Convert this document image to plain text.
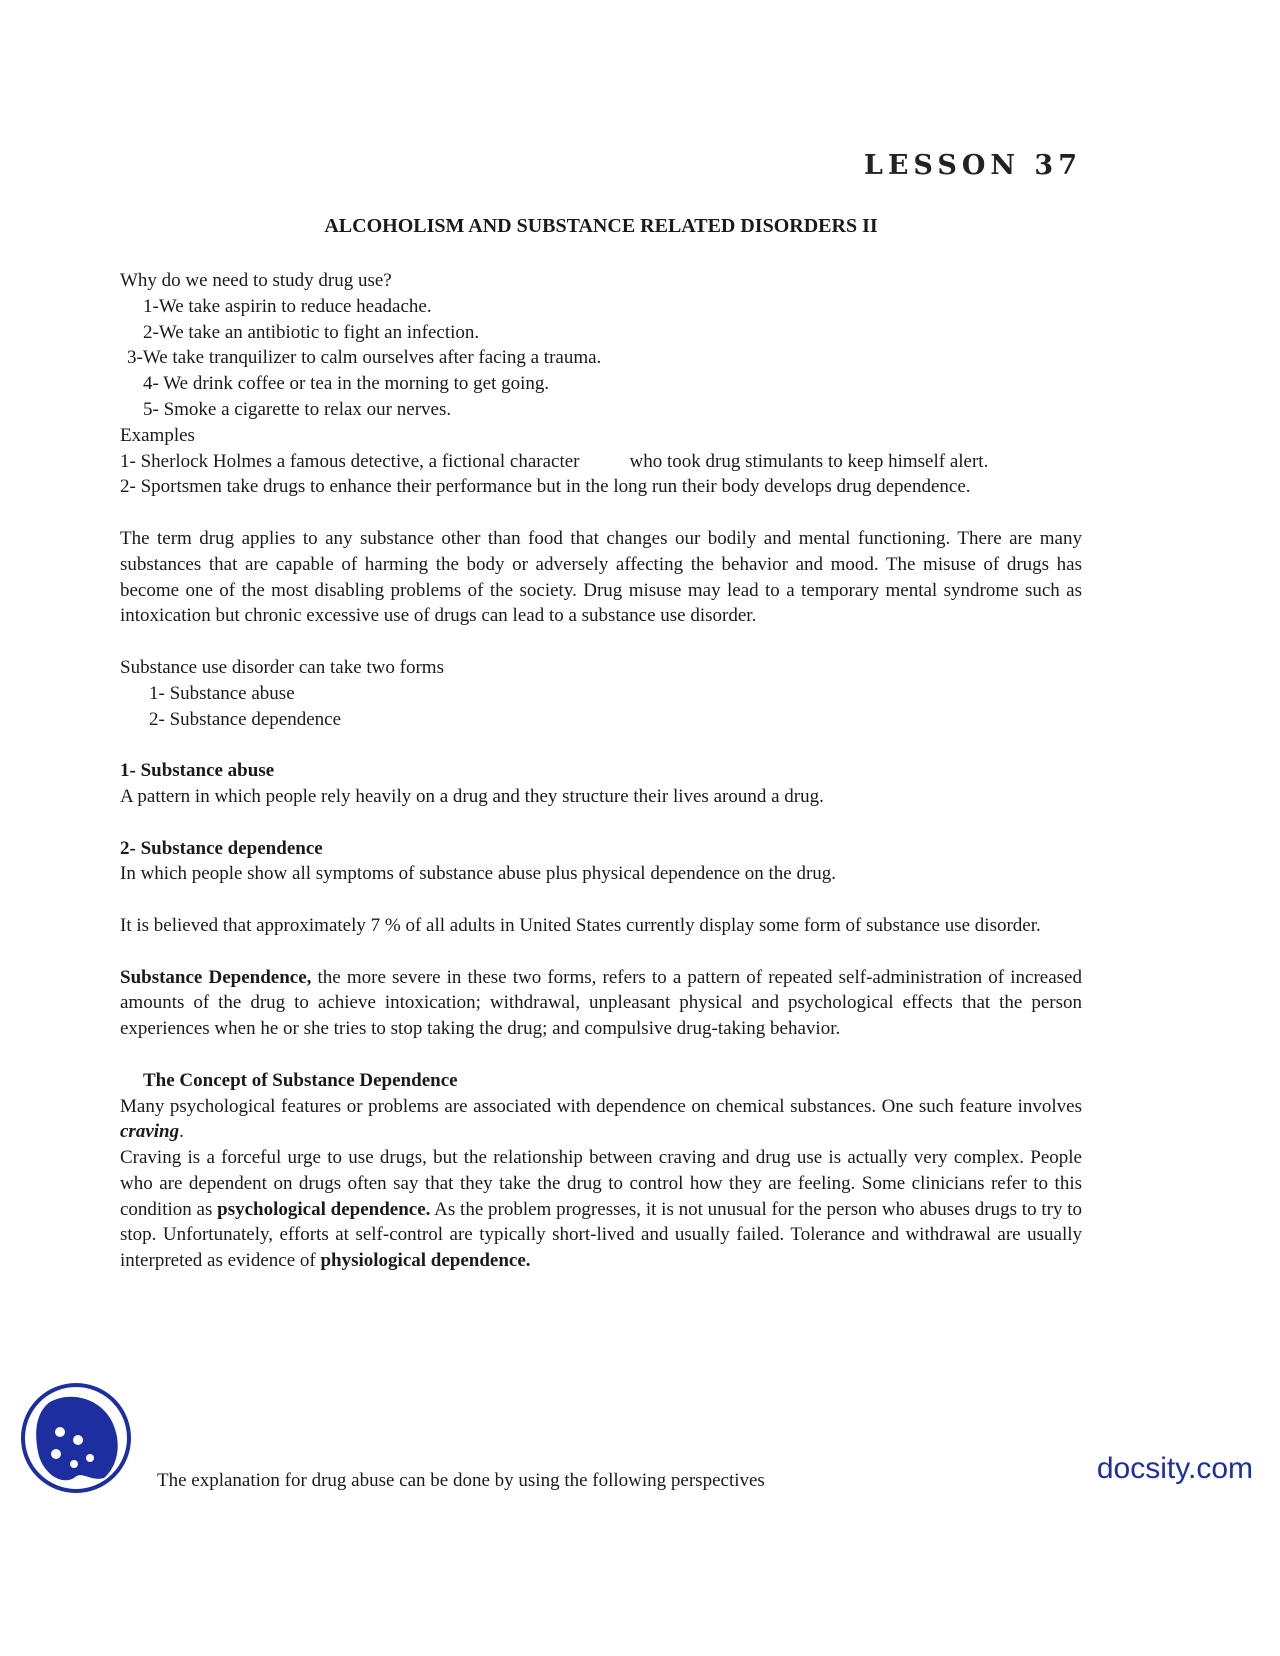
LESSON 37
ALCOHOLISM AND SUBSTANCE RELATED DISORDERS II

Why do we need to study drug use?

1-We take aspirin to reduce headache.

2-We take an antibiotic to fight an infection.

3-We take tranquilizer to calm ourselves after facing a trauma.

4- We drink coffee or tea in the morning to get going.

5- Smoke a cigarette to relax our nerves.

Examples

1- Sherlock Holmes a famous detective, a fictional character	who took drug stimulants to keep himself alert.

2- Sportsmen take drugs to enhance their performance but in the long run their body develops drug dependence.

The term drug applies to any substance other than food that changes our bodily and mental functioning. There are many substances that are capable of harming the body or adversely affecting the behavior and mood. The misuse of drugs has become one of the most disabling problems of the society. Drug misuse may lead to a temporary mental syndrome such as intoxication but chronic excessive use of drugs can lead to a substance use disorder.

Substance use disorder can take two forms

1- Substance abuse

2- Substance dependence

1- Substance abuse

A pattern in which people rely heavily on a drug and they structure their lives around a drug.

2- Substance dependence

In which people show all symptoms of substance abuse plus physical dependence on the drug.

It is believed that approximately 7 % of all adults in United States currently display some form of substance use disorder.

Substance Dependence, the more severe in these two forms, refers to a pattern of repeated self-administration of increased amounts of the drug to achieve intoxication; withdrawal, unpleasant physical and psychological effects that the person experiences when he or she tries to stop taking the drug; and compulsive drug-taking behavior.

The Concept of Substance Dependence

Many psychological features or problems are associated with dependence on chemical substances. One such feature involves craving.

Craving is a forceful urge to use drugs, but the relationship between craving and drug use is actually very complex. People who are dependent on drugs often say that they take the drug to control how they are feeling. Some clinicians refer to this condition as psychological dependence. As the problem progresses, it is not unusual for the person who abuses drugs to try to stop. Unfortunately, efforts at self-control are typically short-lived and usually failed. Tolerance and withdrawal are usually interpreted as evidence of physiological dependence.

The explanation for drug abuse can be done by using the following perspectives	docsity.com
